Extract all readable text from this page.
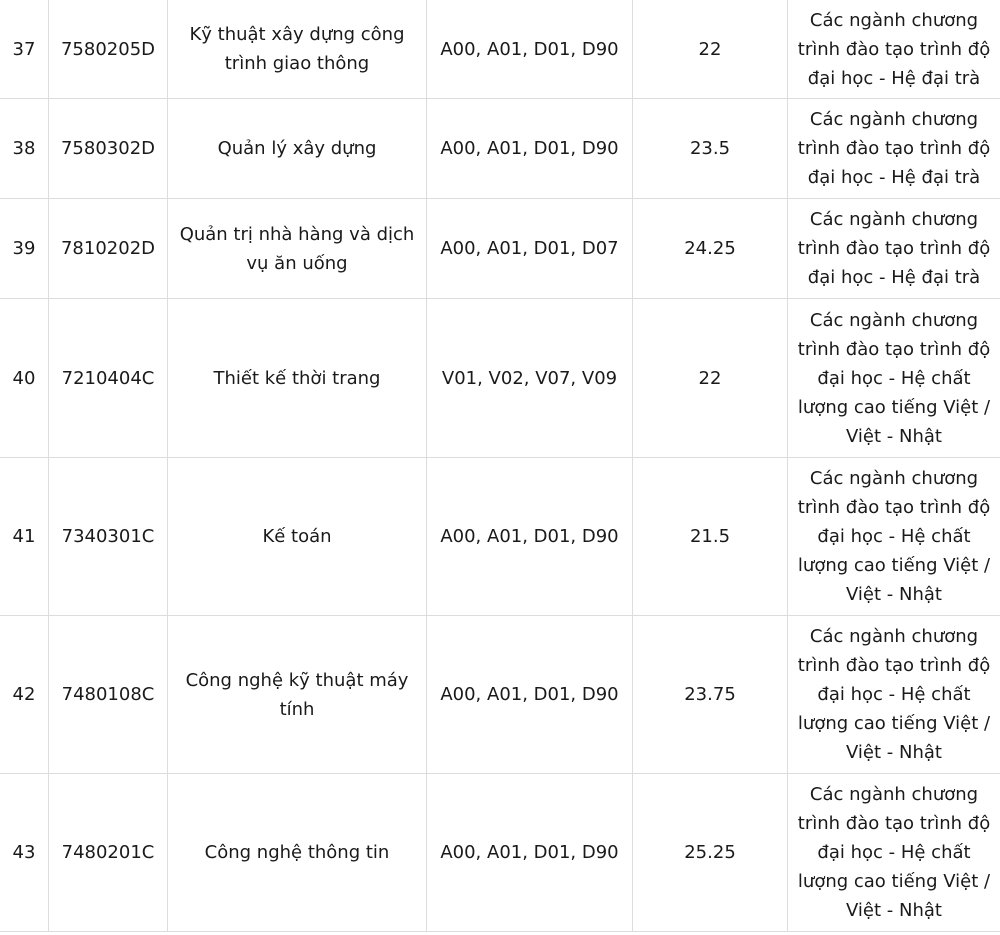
37	7580205D	Kỹ thuật xây dựng công trình giao thông	A00, A01, D01, D90	22	Các ngành chương trình đào tạo trình độ đại học - Hệ đại trà

38	7580302D	Quản lý xây dựng	A00, A01, D01, D90	23.5	Các ngành chương trình đào tạo trình độ đại học - Hệ đại trà

39	7810202D	Quản trị nhà hàng và dịch vụ ăn uống	A00, A01, D01, D07	24.25	Các ngành chương trình đào tạo trình độ đại học - Hệ đại trà

40	7210404C	Thiết kế thời trang	V01, V02, V07, V09	22	Các ngành chương trình đào tạo trình độ đại học - Hệ chất lượng cao tiếng Việt / Việt - Nhật

41	7340301C	Kế toán	A00, A01, D01, D90	21.5	Các ngành chương trình đào tạo trình độ đại học - Hệ chất lượng cao tiếng Việt / Việt - Nhật

42	7480108C	Công nghệ kỹ thuật máy tính	A00, A01, D01, D90	23.75	Các ngành chương trình đào tạo trình độ đại học - Hệ chất lượng cao tiếng Việt / Việt - Nhật

43	7480201C	Công nghệ thông tin	A00, A01, D01, D90	25.25	Các ngành chương trình đào tạo trình độ đại học - Hệ chất lượng cao tiếng Việt / Việt - Nhật
